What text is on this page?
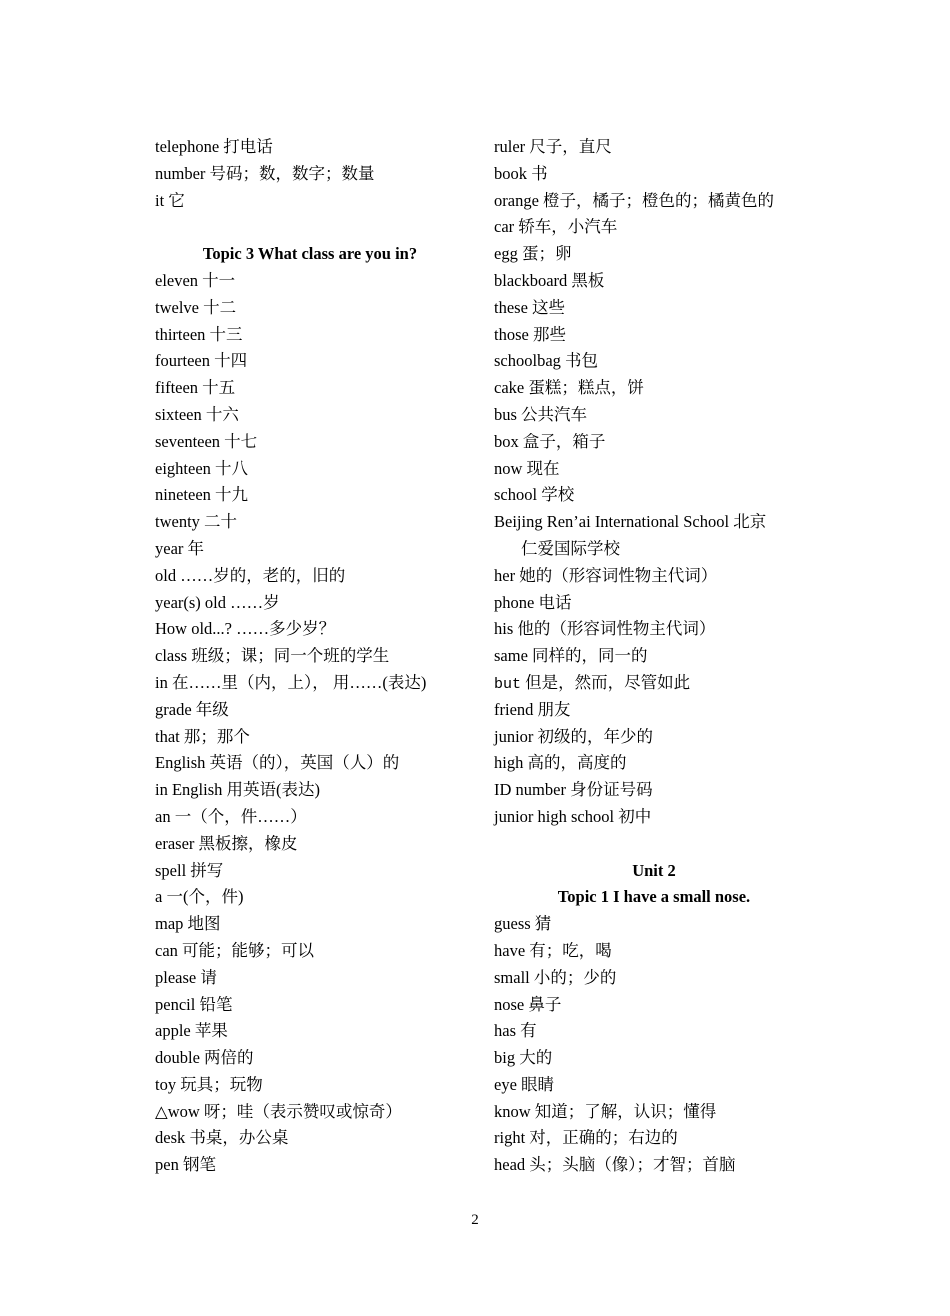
telephone 打电话
number 号码；数，数字；数量
it 它
Topic 3 What class are you in?
eleven 十一
twelve 十二
thirteen 十三
fourteen 十四
fifteen 十五
sixteen 十六
seventeen 十七
eighteen 十八
nineteen 十九
twenty 二十
year 年
old ……岁的，老的，旧的
year(s) old ……岁
How old...? ……多少岁？
class 班级；课；同一个班的学生
in 在……里（内，上）， 用……(表达)
grade 年级
that 那；那个
English 英语（的），英国（人）的
in English 用英语(表达)
an 一（个，件……）
eraser 黑板擦，橡皮
spell 拼写
a 一(个，件)
map 地图
can 可能；能够；可以
please 请
pencil 铅笔
apple 苹果
double 两倍的
toy 玩具；玩物
△wow 呀；哇（表示赞叹或惊奇）
desk 书桌，办公桌
pen 钢笔
ruler 尺子，直尺
book 书
orange 橙子，橘子；橙色的；橘黄色的
car 轿车，小汽车
egg 蛋；卵
blackboard 黑板
these 这些
those 那些
schoolbag 书包
cake 蛋糕；糕点，饼
bus 公共汽车
box 盒子，箱子
now 现在
school 学校
Beijing Ren’ai International School 北京
仁爱国际学校
her 她的（形容词性物主代词）
phone 电话
his 他的（形容词性物主代词）
same 同样的，同一的
but 但是，然而，尽管如此
friend 朋友
junior 初级的，年少的
high 高的，高度的
ID number 身份证号码
junior high school 初中
Unit 2
Topic 1 I have a small nose.
guess 猜
have 有；吃，喝
small 小的；少的
nose 鼻子
has 有
big 大的
eye 眼睛
know 知道；了解，认识；懂得
right 对，正确的；右边的
head 头；头脑（像）；才智；首脑
2
